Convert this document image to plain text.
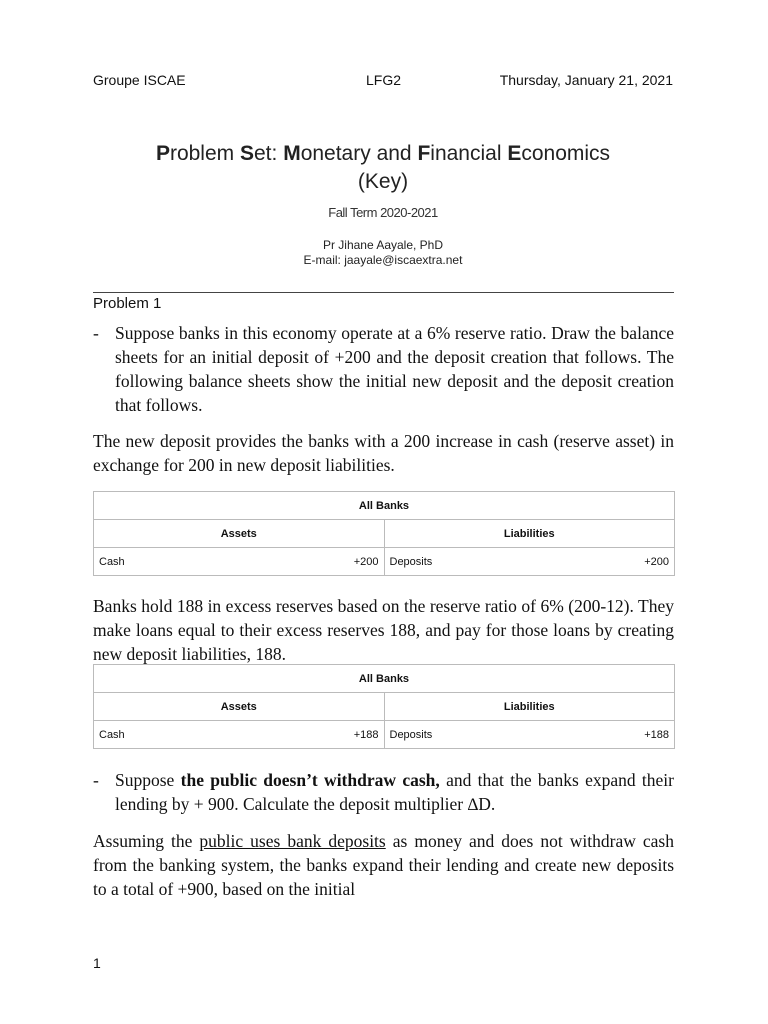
Groupe ISCAE	LFG2	Thursday, January 21, 2021
Problem Set: Monetary and Financial Economics
(Key)
Fall Term 2020-2021
Pr Jihane Aayale, PhD
E-mail: jaayale@iscaextra.net
Problem 1
- Suppose banks in this economy operate at a 6% reserve ratio. Draw the balance sheets for an initial deposit of +200 and the deposit creation that follows. The following balance sheets show the initial new deposit and the deposit creation that follows.
The new deposit provides the banks with a 200 increase in cash (reserve asset) in exchange for 200 in new deposit liabilities.
All Banks	
Assets	Liabilities
Cash +200	Deposits +200
Banks hold 188 in excess reserves based on the reserve ratio of 6% (200-12). They make loans equal to their excess reserves 188, and pay for those loans by creating new deposit liabilities, 188.
All Banks	
Assets	Liabilities
Cash +188	Deposits +188
- Suppose the public doesn’t withdraw cash, and that the banks expand their lending by + 900. Calculate the deposit multiplier ∆D.
Assuming the public uses bank deposits as money and does not withdraw cash from the banking system, the banks expand their lending and create new deposits to a total of +900, based on the initial
1
